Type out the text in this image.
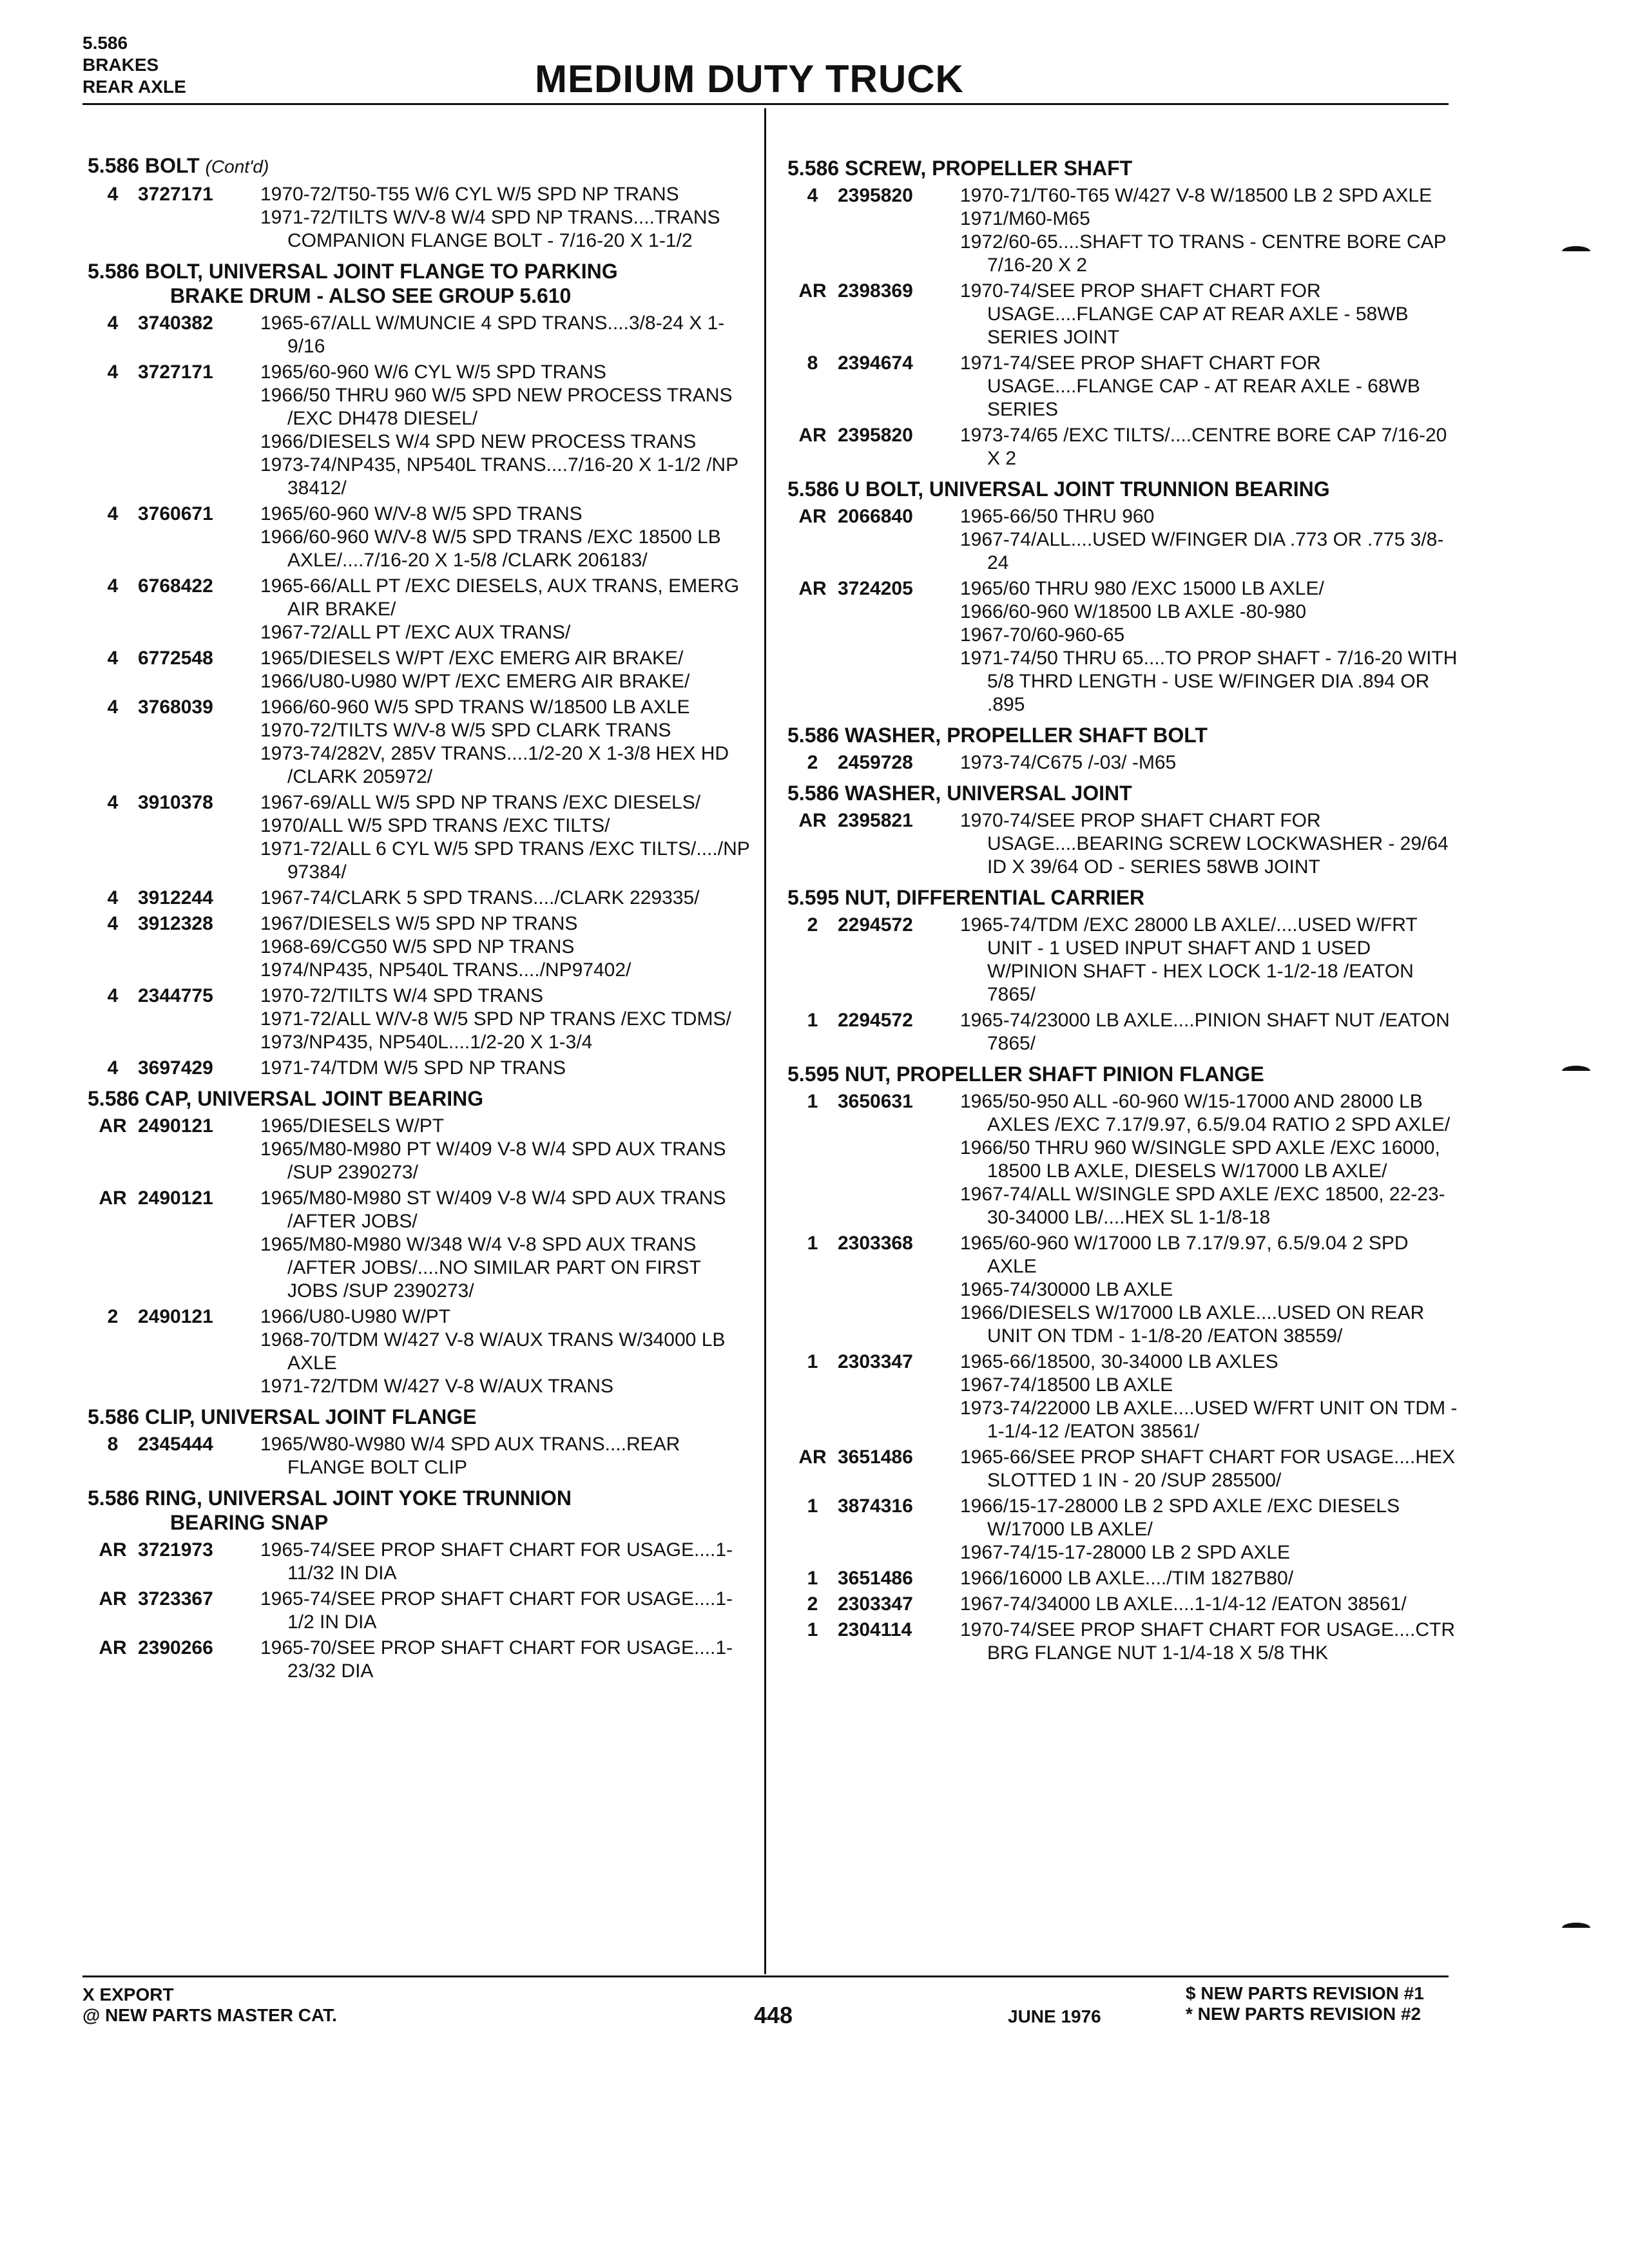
5.586
BRAKES
REAR AXLE	MEDIUM DUTY TRUCK
5.586 BOLT (Cont'd)
4	3727171	1970-72/T50-T55 W/6 CYL W/5 SPD NP TRANS
1971-72/TILTS W/V-8 W/4 SPD NP TRANS....TRANS COMPANION FLANGE BOLT - 7/16-20 X 1-1/2
5.586 BOLT, UNIVERSAL JOINT FLANGE TO PARKING
BRAKE DRUM - ALSO SEE GROUP 5.610
4	3740382	1965-67/ALL W/MUNCIE 4 SPD TRANS....3/8-24 X 1-9/16
4	3727171	1965/60-960 W/6 CYL W/5 SPD TRANS
1966/50 THRU 960 W/5 SPD NEW PROCESS TRANS /EXC DH478 DIESEL/
1966/DIESELS W/4 SPD NEW PROCESS TRANS
1973-74/NP435, NP540L TRANS....7/16-20 X 1-1/2 /NP 38412/
4	3760671	1965/60-960 W/V-8 W/5 SPD TRANS
1966/60-960 W/V-8 W/5 SPD TRANS /EXC 18500 LB AXLE/....7/16-20 X 1-5/8 /CLARK 206183/
4	6768422	1965-66/ALL PT /EXC DIESELS, AUX TRANS, EMERG AIR BRAKE/
1967-72/ALL PT /EXC AUX TRANS/
4	6772548	1965/DIESELS W/PT /EXC EMERG AIR BRAKE/
1966/U80-U980 W/PT /EXC EMERG AIR BRAKE/
4	3768039	1966/60-960 W/5 SPD TRANS W/18500 LB AXLE
1970-72/TILTS W/V-8 W/5 SPD CLARK TRANS
1973-74/282V, 285V TRANS....1/2-20 X 1-3/8 HEX HD /CLARK 205972/
4	3910378	1967-69/ALL W/5 SPD NP TRANS /EXC DIESELS/
1970/ALL W/5 SPD TRANS /EXC TILTS/
1971-72/ALL 6 CYL W/5 SPD TRANS /EXC TILTS/..../NP 97384/
4	3912244	1967-74/CLARK 5 SPD TRANS..../CLARK 229335/
4	3912328	1967/DIESELS W/5 SPD NP TRANS
1968-69/CG50 W/5 SPD NP TRANS
1974/NP435, NP540L TRANS..../NP97402/
4	2344775	1970-72/TILTS W/4 SPD TRANS
1971-72/ALL W/V-8 W/5 SPD NP TRANS /EXC TDMS/
1973/NP435, NP540L....1/2-20 X 1-3/4
4	3697429	1971-74/TDM W/5 SPD NP TRANS
5.586 CAP, UNIVERSAL JOINT BEARING
AR 2490121	1965/DIESELS W/PT
1965/M80-M980 PT W/409 V-8 W/4 SPD AUX TRANS /SUP 2390273/
AR 2490121	1965/M80-M980 ST W/409 V-8 W/4 SPD AUX TRANS /AFTER JOBS/
1965/M80-M980 W/348 W/4 V-8 SPD AUX TRANS /AFTER JOBS/....NO SIMILAR PART ON FIRST JOBS /SUP 2390273/
2	2490121	1966/U80-U980 W/PT
1968-70/TDM W/427 V-8 W/AUX TRANS W/34000 LB AXLE
1971-72/TDM W/427 V-8 W/AUX TRANS
5.586 CLIP, UNIVERSAL JOINT FLANGE
8	2345444	1965/W80-W980 W/4 SPD AUX TRANS....REAR FLANGE BOLT CLIP
5.586 RING, UNIVERSAL JOINT YOKE TRUNNION
BEARING SNAP
AR 3721973	1965-74/SEE PROP SHAFT CHART FOR USAGE....1-11/32 IN DIA
AR 3723367	1965-74/SEE PROP SHAFT CHART FOR USAGE....1-1/2 IN DIA
AR 2390266	1965-70/SEE PROP SHAFT CHART FOR USAGE....1-23/32 DIA
5.586 SCREW, PROPELLER SHAFT
4	2395820	1970-71/T60-T65 W/427 V-8 W/18500 LB 2 SPD AXLE
1971/M60-M65
1972/60-65....SHAFT TO TRANS - CENTRE BORE CAP 7/16-20 X 2
AR 2398369	1970-74/SEE PROP SHAFT CHART FOR USAGE....FLANGE CAP AT REAR AXLE - 58WB SERIES JOINT
8	2394674	1971-74/SEE PROP SHAFT CHART FOR USAGE....FLANGE CAP - AT REAR AXLE - 68WB SERIES
AR 2395820	1973-74/65 /EXC TILTS/....CENTRE BORE CAP 7/16-20 X 2
5.586 U BOLT, UNIVERSAL JOINT TRUNNION BEARING
AR 2066840	1965-66/50 THRU 960
1967-74/ALL....USED W/FINGER DIA .773 OR .775 3/8-24
AR 3724205	1965/60 THRU 980 /EXC 15000 LB AXLE/
1966/60-960 W/18500 LB AXLE -80-980
1967-70/60-960-65
1971-74/50 THRU 65....TO PROP SHAFT - 7/16-20 WITH 5/8 THRD LENGTH - USE W/FINGER DIA .894 OR .895
5.586 WASHER, PROPELLER SHAFT BOLT
2	2459728	1973-74/C675 /-03/ -M65
5.586 WASHER, UNIVERSAL JOINT
AR 2395821	1970-74/SEE PROP SHAFT CHART FOR USAGE....BEARING SCREW LOCKWASHER - 29/64 ID X 39/64 OD - SERIES 58WB JOINT
5.595 NUT, DIFFERENTIAL CARRIER
2	2294572	1965-74/TDM /EXC 28000 LB AXLE/....USED W/FRT UNIT - 1 USED INPUT SHAFT AND 1 USED W/PINION SHAFT - HEX LOCK 1-1/2-18 /EATON 7865/
1	2294572	1965-74/23000 LB AXLE....PINION SHAFT NUT /EATON 7865/
5.595 NUT, PROPELLER SHAFT PINION FLANGE
1	3650631	1965/50-950 ALL -60-960 W/15-17000 AND 28000 LB AXLES /EXC 7.17/9.97, 6.5/9.04 RATIO 2 SPD AXLE/
1966/50 THRU 960 W/SINGLE SPD AXLE /EXC 16000, 18500 LB AXLE, DIESELS W/17000 LB AXLE/
1967-74/ALL W/SINGLE SPD AXLE /EXC 18500, 22-23-30-34000 LB/....HEX SL 1-1/8-18
1	2303368	1965/60-960 W/17000 LB 7.17/9.97, 6.5/9.04 2 SPD AXLE
1965-74/30000 LB AXLE
1966/DIESELS W/17000 LB AXLE....USED ON REAR UNIT ON TDM - 1-1/8-20 /EATON 38559/
1	2303347	1965-66/18500, 30-34000 LB AXLES
1967-74/18500 LB AXLE
1973-74/22000 LB AXLE....USED W/FRT UNIT ON TDM - 1-1/4-12 /EATON 38561/
AR 3651486	1965-66/SEE PROP SHAFT CHART FOR USAGE....HEX SLOTTED 1 IN - 20 /SUP 285500/
1	3874316	1966/15-17-28000 LB 2 SPD AXLE /EXC DIESELS W/17000 LB AXLE/
1967-74/15-17-28000 LB 2 SPD AXLE
1	3651486	1966/16000 LB AXLE..../TIM 1827B80/
2	2303347	1967-74/34000 LB AXLE....1-1/4-12 /EATON 38561/
1	2304114	1970-74/SEE PROP SHAFT CHART FOR USAGE....CTR BRG FLANGE NUT 1-1/4-18 X 5/8 THK
X EXPORT
@ NEW PARTS MASTER CAT.	448	JUNE 1976
$ NEW PARTS REVISION #1
* NEW PARTS REVISION #2
